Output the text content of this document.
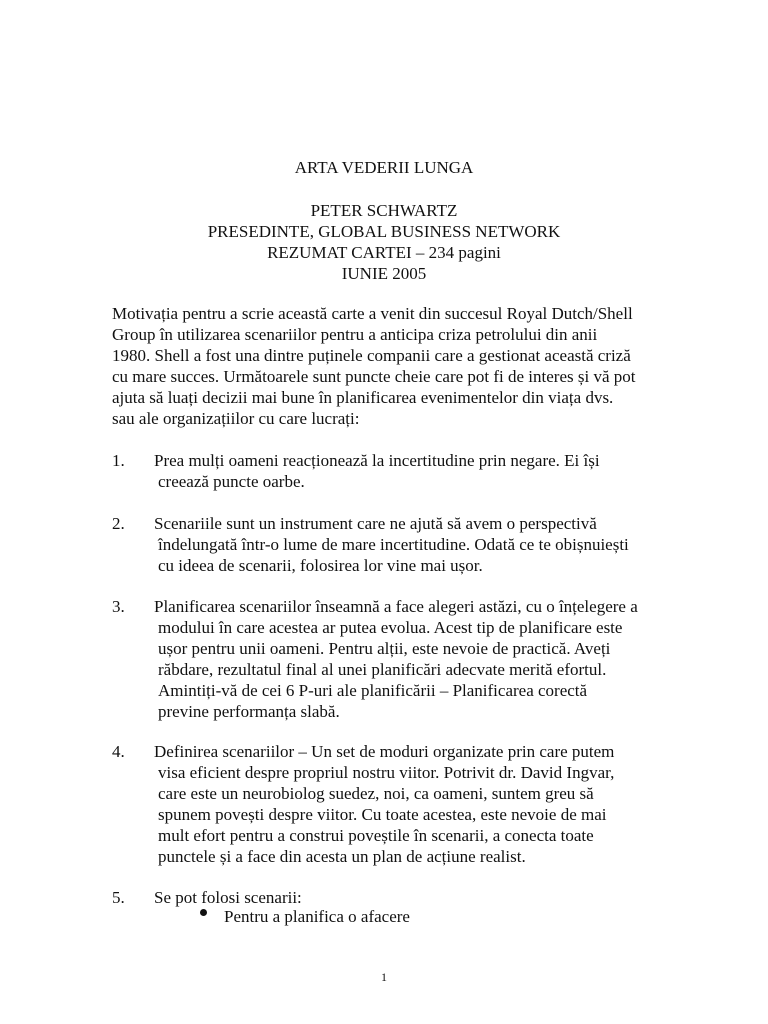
ARTA VEDERII LUNGA
PETER SCHWARTZ
PRESEDINTE, GLOBAL BUSINESS NETWORK
REZUMAT CARTEI – 234 pagini
IUNIE 2005
Motivația pentru a scrie această carte a venit din succesul Royal Dutch/Shell
Group în utilizarea scenariilor pentru a anticipa criza petrolului din anii
1980. Shell a fost una dintre puținele companii care a gestionat această criză
cu mare succes. Următoarele sunt puncte cheie care pot fi de interes și vă pot
ajuta să luați decizii mai bune în planificarea evenimentelor din viața dvs.
sau ale organizațiilor cu care lucrați:
1. Prea mulți oameni reacționează la incertitudine prin negare. Ei își
creează puncte oarbe.
2. Scenariile sunt un instrument care ne ajută să avem o perspectivă
îndelungată într-o lume de mare incertitudine. Odată ce te obișnuiești
cu ideea de scenarii, folosirea lor vine mai ușor.
3. Planificarea scenariilor înseamnă a face alegeri astăzi, cu o înțelegere a
modului în care acestea ar putea evolua. Acest tip de planificare este
ușor pentru unii oameni. Pentru alții, este nevoie de practică. Aveți
răbdare, rezultatul final al unei planificări adecvate merită efortul.
Amintiți-vă de cei 6 P-uri ale planificării – Planificarea corectă
previne performanța slabă.
4. Definirea scenariilor – Un set de moduri organizate prin care putem
visa eficient despre propriul nostru viitor. Potrivit dr. David Ingvar,
care este un neurobiolog suedez, noi, ca oameni, suntem greu să
spunem povești despre viitor. Cu toate acestea, este nevoie de mai
mult efort pentru a construi poveștile în scenarii, a conecta toate
punctele și a face din acesta un plan de acțiune realist.
5. Se pot folosi scenarii:
Pentru a planifica o afacere
1
